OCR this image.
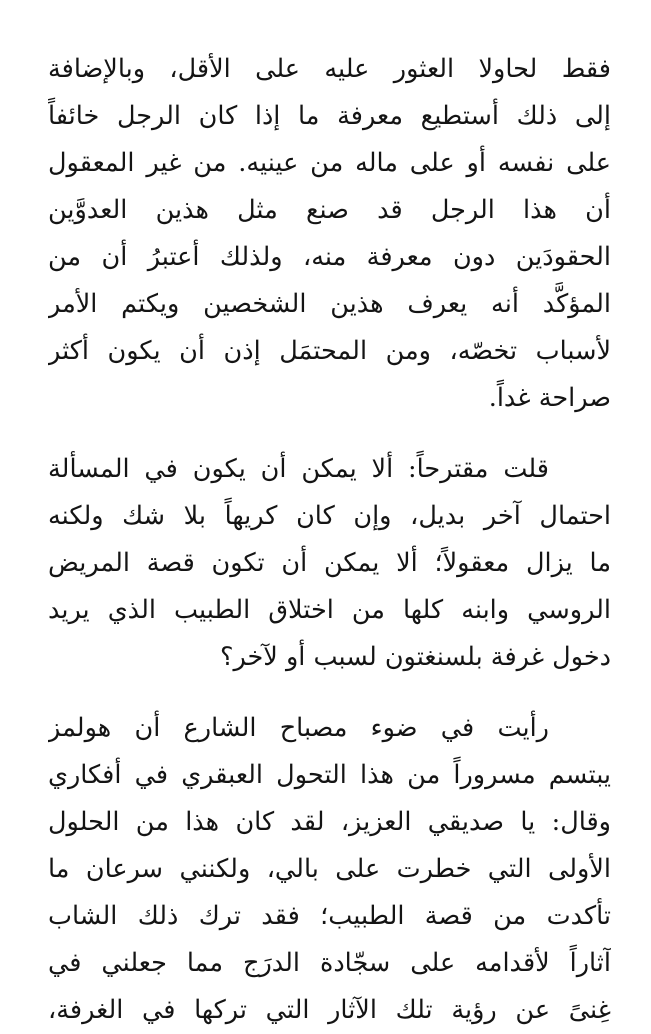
فقط لحاولا العثور عليه على الأقل، وبالإضافة
إلى ذلك أستطيع معرفة ما إذا كان الرجل خائفاً
على نفسه أو على ماله من عينيه. من غير المعقول
أن هذا الرجل قد صنع مثل هذين العدوَّين
الحقودَين دون معرفة منه، ولذلك أعتبرُ أن من
المؤكَّد أنه يعرف هذين الشخصين ويكتم الأمر
لأسباب تخصّه، ومن المحتمَل إذن أن يكون أكثر
صراحة غداً.
قلت مقترحاً: ألا يمكن أن يكون في المسألة
احتمال آخر بديل، وإن كان كريهاً بلا شك ولكنه
ما يزال معقولاً؛ ألا يمكن أن تكون قصة المريض
الروسي وابنه كلها من اختلاق الطبيب الذي يريد
دخول غرفة بلسنغتون لسبب أو لآخر؟
رأيت في ضوء مصباح الشارع أن هولمز
يبتسم مسروراً من هذا التحول العبقري في أفكاري
وقال: يا صديقي العزيز، لقد كان هذا من الحلول
الأولى التي خطرت على بالي، ولكنني سرعان ما
تأكدت من قصة الطبيب؛ فقد ترك ذلك الشاب
آثاراً لأقدامه على سجّادة الدرَج مما جعلني في
غِنىً عن رؤية تلك الآثار التي تركها في الغرفة،
